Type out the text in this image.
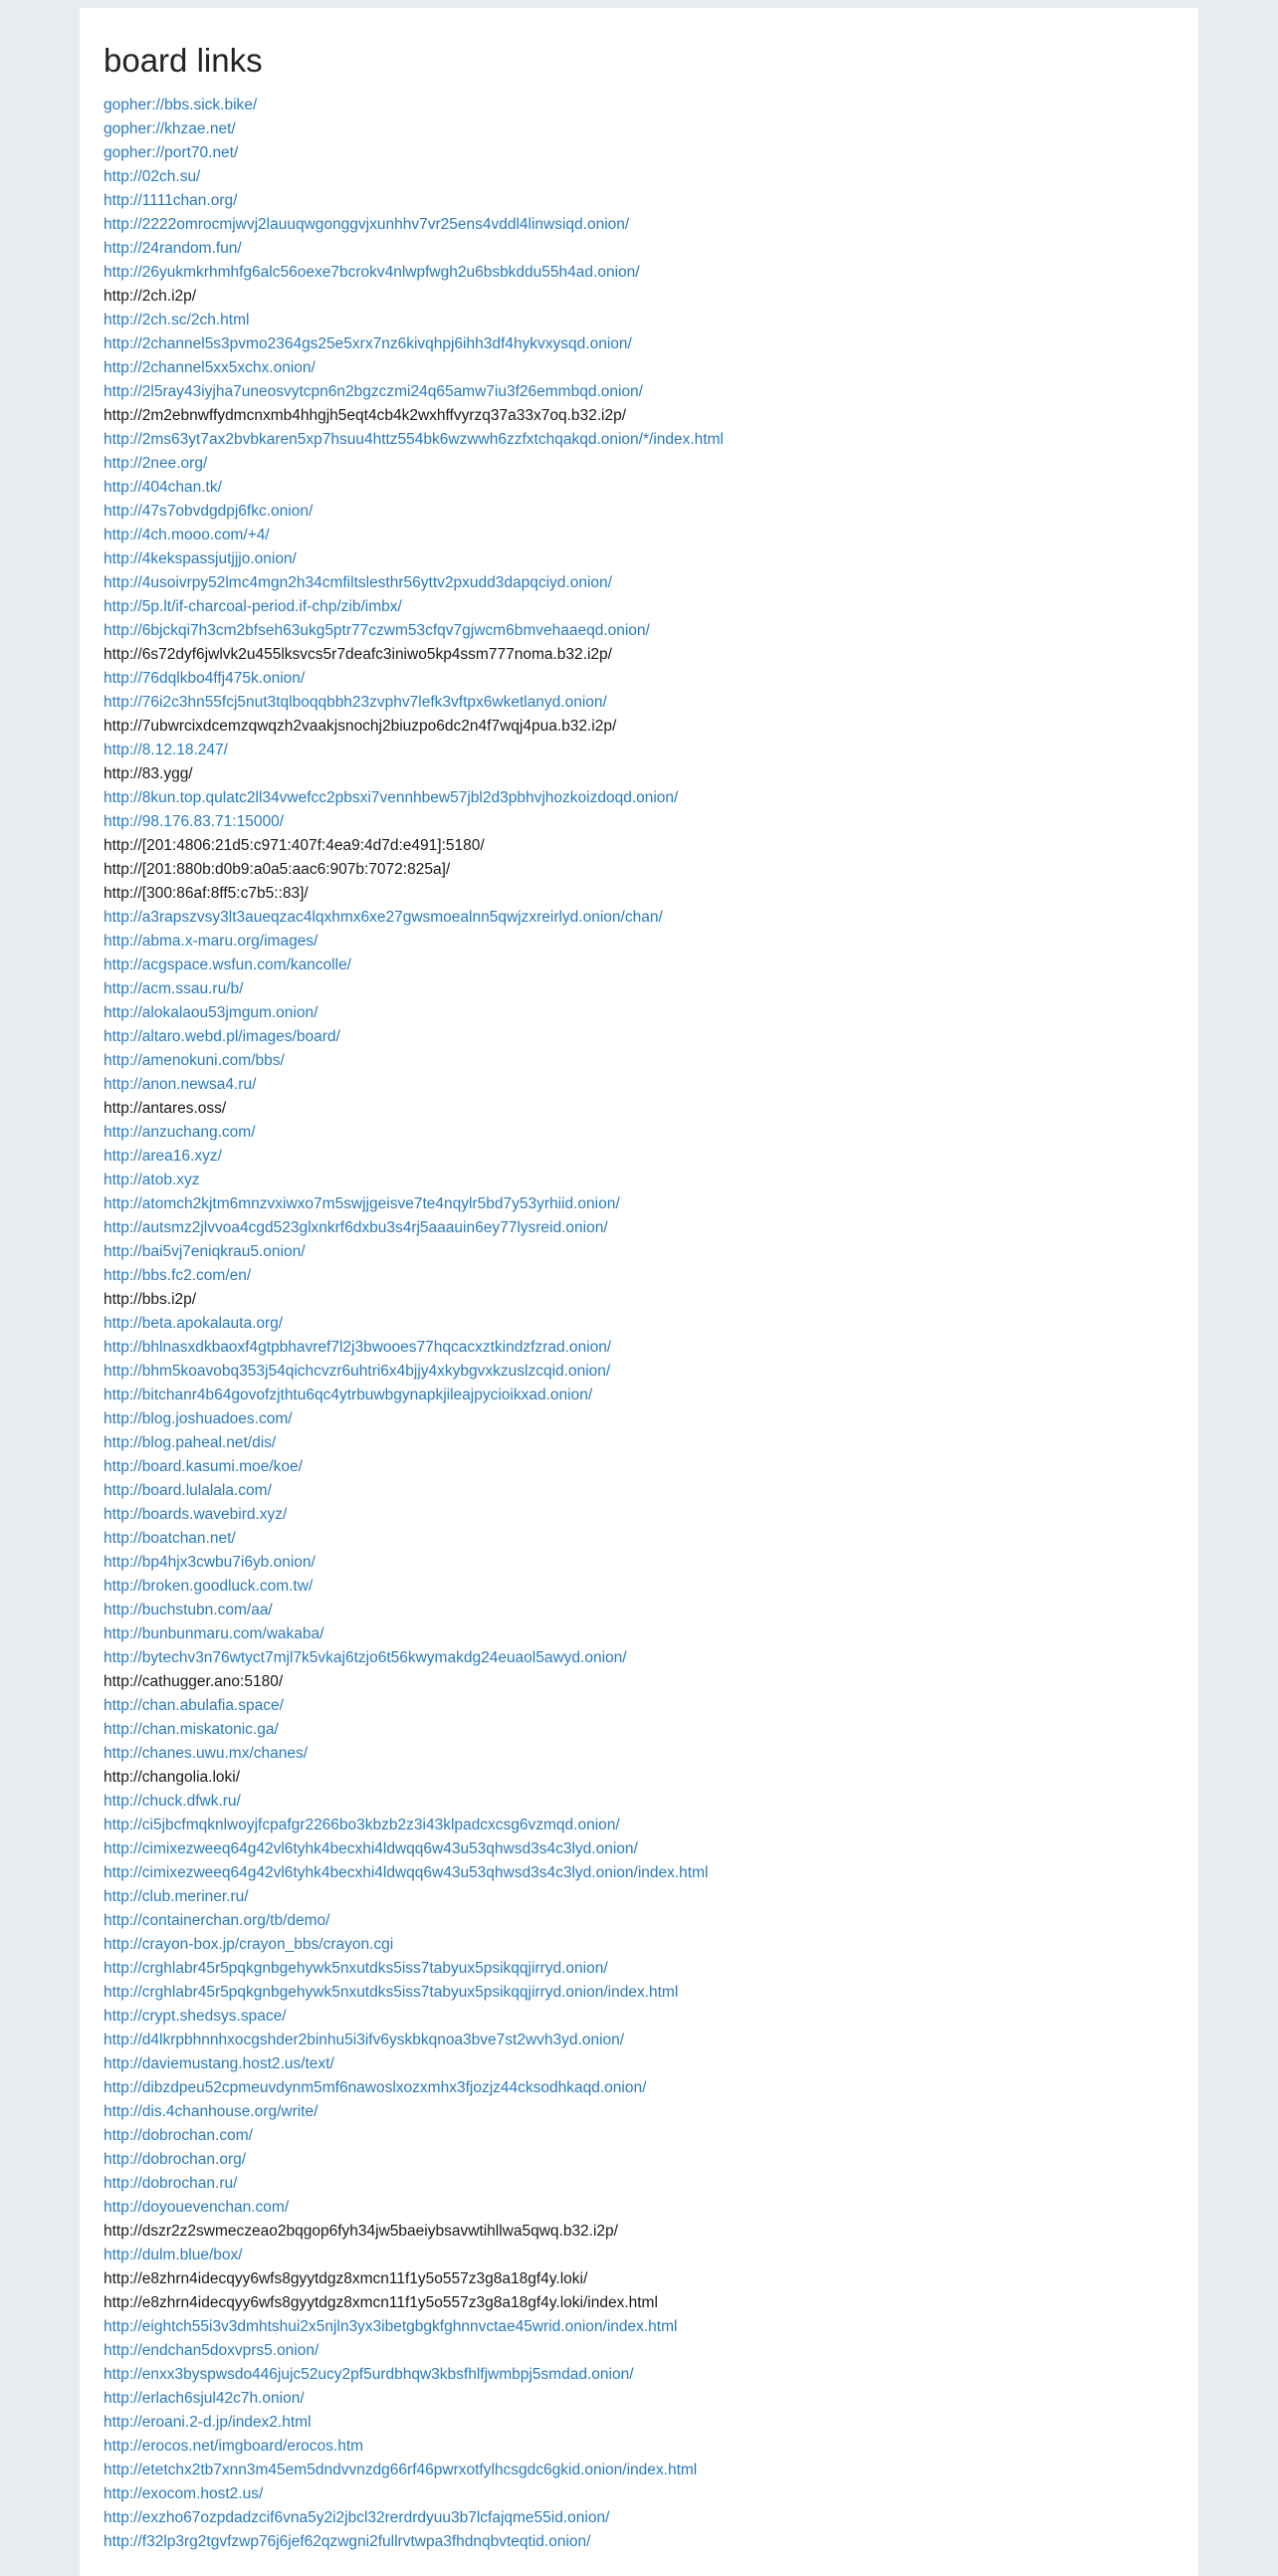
board links
gopher://bbs.sick.bike/
gopher://khzae.net/
gopher://port70.net/
http://02ch.su/
http://1111chan.org/
http://2222omrocmjwvj2lauuqwgonggvjxunhhv7vr25ens4vddl4linwsiqd.onion/
http://24random.fun/
http://26yukmkrhmhfg6alc56oexe7bcrokv4nlwpfwgh2u6bsbkddu55h4ad.onion/
http://2ch.i2p/
http://2ch.sc/2ch.html
http://2channel5s3pvmo2364gs25e5xrx7nz6kivqhpj6ihh3df4hykvxysqd.onion/
http://2channel5xx5xchx.onion/
http://2l5ray43iyjha7uneosvytcpn6n2bgzczmi24q65amw7iu3f26emmbqd.onion/
http://2m2ebnwffydmcnxmb4hhgjh5eqt4cb4k2wxhffvyrzq37a33x7oq.b32.i2p/
http://2ms63yt7ax2bvbkaren5xp7hsuu4httz554bk6wzwwh6zzfxtchqakqd.onion/*/index.html
http://2nee.org/
http://404chan.tk/
http://47s7obvdgdpj6fkc.onion/
http://4ch.mooo.com/+4/
http://4kekspassjutjjjo.onion/
http://4usoivrpy52lmc4mgn2h34cmfiltslesthr56yttv2pxudd3dapqciyd.onion/
http://5p.lt/if-charcoal-period.if-chp/zib/imbx/
http://6bjckqi7h3cm2bfseh63ukg5ptr77czwm53cfqv7gjwcm6bmvehaaeqd.onion/
http://6s72dyf6jwlvk2u455lksvcs5r7deafc3iniwo5kp4ssm777noma.b32.i2p/
http://76dqlkbo4ffj475k.onion/
http://76i2c3hn55fcj5nut3tqlboqqbbh23zvphv7lefk3vftpx6wketlanyd.onion/
http://7ubwrcixdcemzqwqzh2vaakjsnochj2biuzpo6dc2n4f7wqj4pua.b32.i2p/
http://8.12.18.247/
http://83.ygg/
http://8kun.top.qulatc2ll34vwefcc2pbsxi7vennhbew57jbl2d3pbhvjhozkoizdoqd.onion/
http://98.176.83.71:15000/
http://[201:4806:21d5:c971:407f:4ea9:4d7d:e491]:5180/
http://[201:880b:d0b9:a0a5:aac6:907b:7072:825a]/
http://[300:86af:8ff5:c7b5::83]/
http://a3rapszvsy3lt3aueqzac4lqxhmx6xe27gwsmoealnn5qwjzxreirlyd.onion/chan/
http://abma.x-maru.org/images/
http://acgspace.wsfun.com/kancolle/
http://acm.ssau.ru/b/
http://alokalaou53jmgum.onion/
http://altaro.webd.pl/images/board/
http://amenokuni.com/bbs/
http://anon.newsa4.ru/
http://antares.oss/
http://anzuchang.com/
http://area16.xyz/
http://atob.xyz
http://atomch2kjtm6mnzvxiwxo7m5swjjgeisve7te4nqylr5bd7y53yrhiid.onion/
http://autsmz2jlvvoa4cgd523glxnkrf6dxbu3s4rj5aaauin6ey77lysreid.onion/
http://bai5vj7eniqkrau5.onion/
http://bbs.fc2.com/en/
http://bbs.i2p/
http://beta.apokalauta.org/
http://bhlnasxdkbaoxf4gtpbhavref7l2j3bwooes77hqcacxztkindzfzrad.onion/
http://bhm5koavobq353j54qichcvzr6uhtri6x4bjjy4xkybgvxkzuslzcqid.onion/
http://bitchanr4b64govofzjthtu6qc4ytrbuwbgynapkjileajpycioikxad.onion/
http://blog.joshuadoes.com/
http://blog.paheal.net/dis/
http://board.kasumi.moe/koe/
http://board.lulalala.com/
http://boards.wavebird.xyz/
http://boatchan.net/
http://bp4hjx3cwbu7i6yb.onion/
http://broken.goodluck.com.tw/
http://buchstubn.com/aa/
http://bunbunmaru.com/wakaba/
http://bytechv3n76wtyct7mjl7k5vkaj6tzjo6t56kwymakdg24euaol5awyd.onion/
http://cathugger.ano:5180/
http://chan.abulafia.space/
http://chan.miskatonic.ga/
http://chanes.uwu.mx/chanes/
http://changolia.loki/
http://chuck.dfwk.ru/
http://ci5jbcfmqknlwoyjfcpafgr2266bo3kbzb2z3i43klpadcxcsg6vzmqd.onion/
http://cimixezweeq64g42vl6tyhk4becxhi4ldwqq6w43u53qhwsd3s4c3lyd.onion/
http://cimixezweeq64g42vl6tyhk4becxhi4ldwqq6w43u53qhwsd3s4c3lyd.onion/index.html
http://club.meriner.ru/
http://containerchan.org/tb/demo/
http://crayon-box.jp/crayon_bbs/crayon.cgi
http://crghlabr45r5pqkgnbgehywk5nxutdks5iss7tabyux5psikqqjirryd.onion/
http://crghlabr45r5pqkgnbgehywk5nxutdks5iss7tabyux5psikqqjirryd.onion/index.html
http://crypt.shedsys.space/
http://d4lkrpbhnnhxocgshder2binhu5i3ifv6yskbkqnoa3bve7st2wvh3yd.onion/
http://daviemustang.host2.us/text/
http://dibzdpeu52cpmeuvdynm5mf6nawoslxozxmhx3fjozjz44cksodhkaqd.onion/
http://dis.4chanhouse.org/write/
http://dobrochan.com/
http://dobrochan.org/
http://dobrochan.ru/
http://doyouevenchan.com/
http://dszr2z2swmeczeao2bqgop6fyh34jw5baeiybsavwtihllwa5qwq.b32.i2p/
http://dulm.blue/box/
http://e8zhrn4idecqyy6wfs8gyytdgz8xmcn11f1y5o557z3g8a18gf4y.loki/
http://e8zhrn4idecqyy6wfs8gyytdgz8xmcn11f1y5o557z3g8a18gf4y.loki/index.html
http://eightch55i3v3dmhtshui2x5njln3yx3ibetgbgkfghnnvctae45wrid.onion/index.html
http://endchan5doxvprs5.onion/
http://enxx3byspwsdo446jujc52ucy2pf5urdbhqw3kbsfhlfjwmbpj5smdad.onion/
http://erlach6sjul42c7h.onion/
http://eroani.2-d.jp/index2.html
http://erocos.net/imgboard/erocos.htm
http://etetchx2tb7xnn3m45em5dndvvnzdg66rf46pwrxotfylhcsgdc6gkid.onion/index.html
http://exocom.host2.us/
http://exzho67ozpdadzcif6vna5y2i2jbcl32rerdrdyuu3b7lcfajqme55id.onion/
http://f32lp3rg2tgvfzwp76j6jef62qzwgni2fullrvtwpa3fhdnqbvteqtid.onion/
